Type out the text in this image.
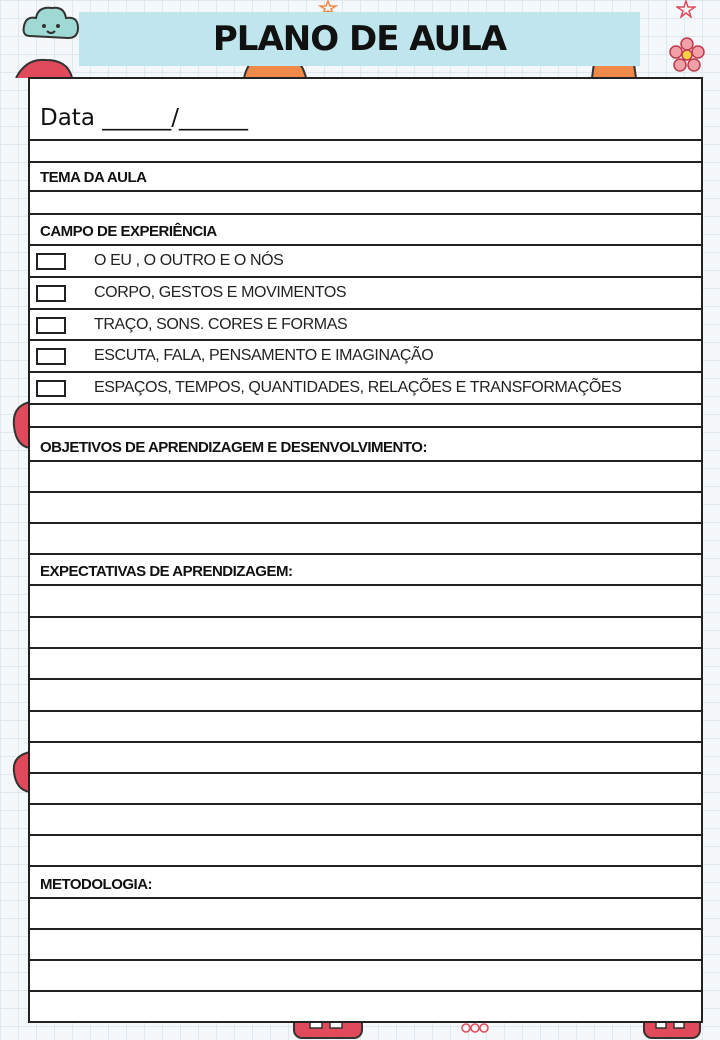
PLANO DE AULA
Data ______/______
TEMA DA AULA
CAMPO DE EXPERIÊNCIA
O EU , O OUTRO E O NÓS
CORPO, GESTOS E MOVIMENTOS
TRAÇO, SONS. CORES E FORMAS
ESCUTA, FALA, PENSAMENTO E IMAGINAÇÃO
ESPAÇOS, TEMPOS, QUANTIDADES, RELAÇÕES E TRANSFORMAÇÕES
OBJETIVOS DE APRENDIZAGEM E DESENVOLVIMENTO:
EXPECTATIVAS DE APRENDIZAGEM:
METODOLOGIA:
